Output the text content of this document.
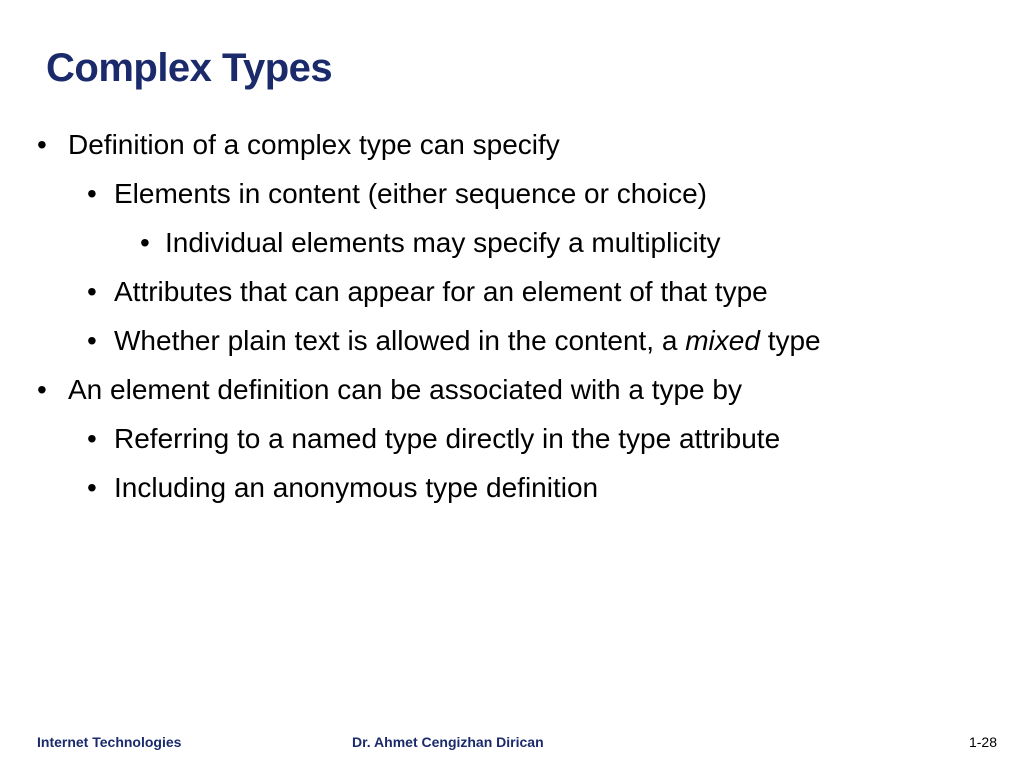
Complex Types
• Definition of a complex type can specify
• Elements in content (either sequence or choice)
• Individual elements may specify a multiplicity
• Attributes that can appear for an element of that type
• Whether plain text is allowed in the content, a mixed type
• An element definition can be associated with a type by
• Referring to a named type directly in the type attribute
• Including an anonymous type definition
Internet Technologies	Dr. Ahmet Cengizhan Dirican	1-28
